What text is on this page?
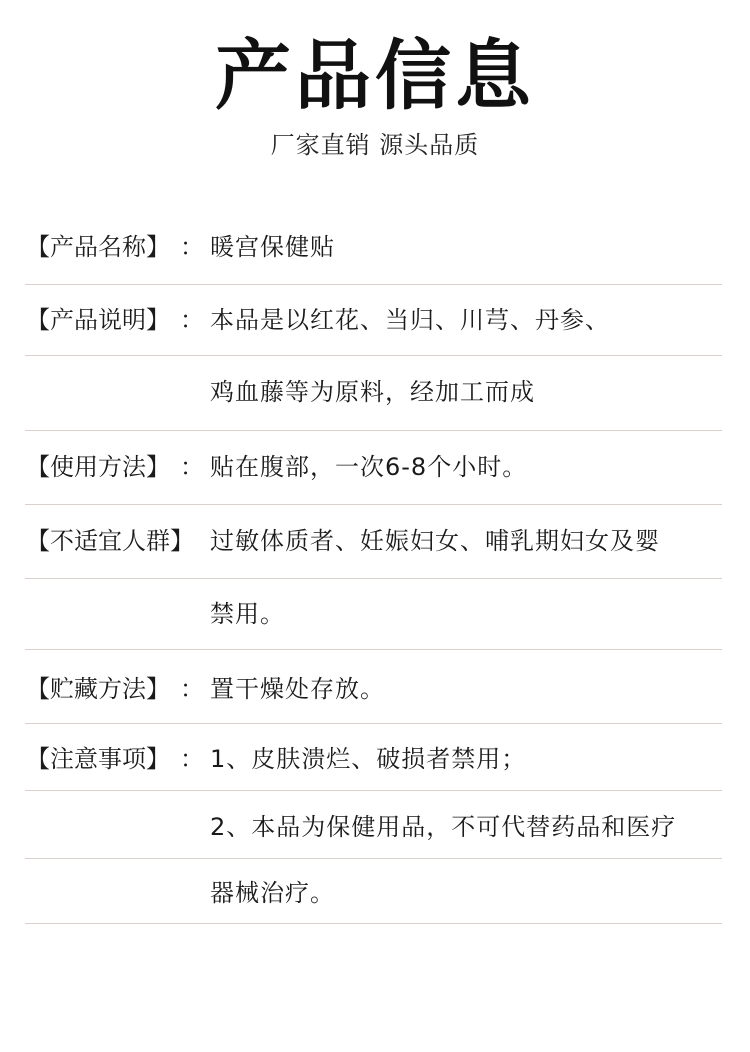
产品信息
厂家直销 源头品质
【产品名称】 ： 暖宫保健贴
【产品说明】 ： 本品是以红花、当归、川芎、丹参、
鸡血藤等为原料，经加工而成
【使用方法】 ： 贴在腹部，一次6-8个小时。
【不适宜人群】 过敏体质者、妊娠妇女、哺乳期妇女及婴
禁用。
【贮藏方法】 ： 置干燥处存放。
【注意事项】 ： 1、皮肤溃烂、破损者禁用；
2、本品为保健用品，不可代替药品和医疗
器械治疗。
